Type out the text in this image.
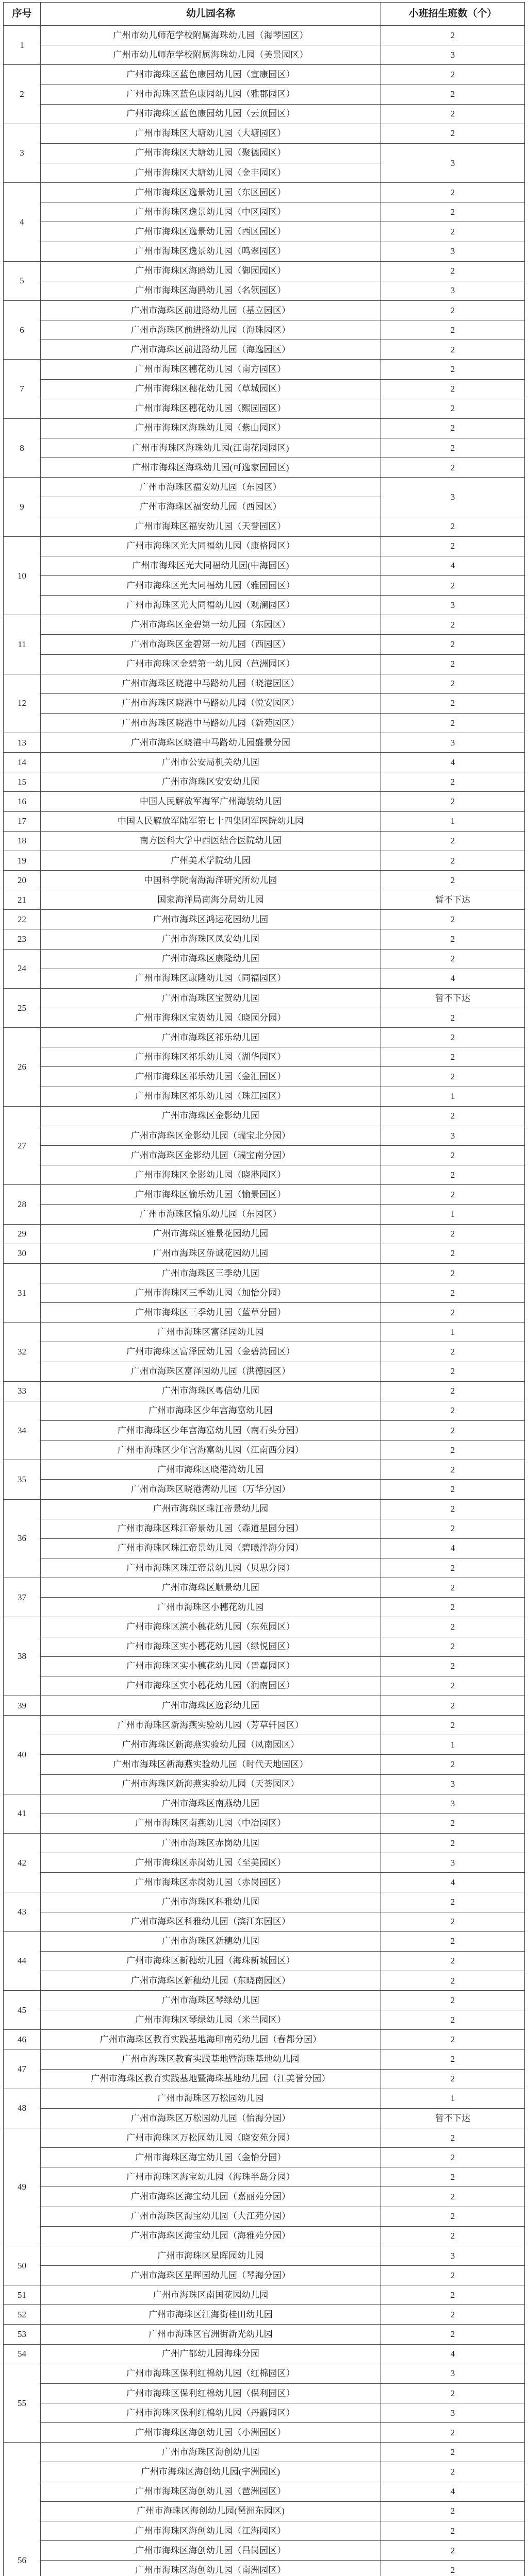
序号	幼儿园名称	小班招生班数（个）
1	广州市幼儿师范学校附属海珠幼儿园（海琴园区）	2
	广州市幼儿师范学校附属海珠幼儿园（美景园区）	3
2	广州市海珠区蓝色康园幼儿园（宣康园区）	2
	广州市海珠区蓝色康园幼儿园（雅郡园区）	2
	广州市海珠区蓝色康园幼儿园（云顶园区）	2
3	广州市海珠区大塘幼儿园（大塘园区）	2
	广州市海珠区大塘幼儿园（聚德园区）	3
	广州市海珠区大塘幼儿园（金丰园区）	
4	广州市海珠区逸景幼儿园（东区园区）	2
	广州市海珠区逸景幼儿园（中区园区）	2
	广州市海珠区逸景幼儿园（西区园区）	2
	广州市海珠区逸景幼儿园（鸣翠园区）	3
5	广州市海珠区海鸥幼儿园（御园园区）	2
	广州市海珠区海鸥幼儿园（名领园区）	3
6	广州市海珠区前进路幼儿园（基立园区）	2
	广州市海珠区前进路幼儿园（海珠园区）	2
	广州市海珠区前进路幼儿园（海逸园区）	2
7	广州市海珠区穗花幼儿园（南方园区）	2
	广州市海珠区穗花幼儿园（草城园区）	2
	广州市海珠区穗花幼儿园（熙园园区）	2
8	广州市海珠区海珠幼儿园（紫山园区）	2
	广州市海珠区海珠幼儿园(江南花园园区)	2
	广州市海珠区海珠幼儿园(可逸家园园区)	2
9	广州市海珠区福安幼儿园（东园区）	3
	广州市海珠区福安幼儿园（西园区）	
	广州市海珠区福安幼儿园（天誉园区）	2
10	广州市海珠区光大同福幼儿园（康格园区）	2
	广州市海珠区光大同福幼儿园(中海园区)	4
	广州市海珠区光大同福幼儿园（雅园园区）	2
	广州市海珠区光大同福幼儿园（观澜园区）	3
11	广州市海珠区金碧第一幼儿园（东园区）	2
	广州市海珠区金碧第一幼儿园（西园区）	2
	广州市海珠区金碧第一幼儿园（芭洲园区）	2
12	广州市海珠区晓港中马路幼儿园（晓港园区）	2
	广州市海珠区晓港中马路幼儿园（悦安园区）	2
	广州市海珠区晓港中马路幼儿园（新苑园区）	2
13	广州市海珠区晓港中马路幼儿园盛景分园	3
14	广州市公安局机关幼儿园	4
15	广州市海珠区安安幼儿园	2
16	中国人民解放军海军广州海装幼儿园	2
17	中国人民解放军陆军第七十四集团军医院幼儿园	1
18	南方医科大学中西医结合医院幼儿园	2
19	广州美术学院幼儿园	2
20	中国科学院南海海洋研究所幼儿园	2
21	国家海洋局南海分局幼儿园	暂不下达
22	广州市海珠区鸿运花园幼儿园	2
23	广州市海珠区凤安幼儿园	2
24	广州市海珠区康隆幼儿园	2
	广州市海珠区康隆幼儿园（同福园区）	4
25	广州市海珠区宝贺幼儿园	暂不下达
	广州市海珠区宝贺幼儿园（晓园分园）	2
26	广州市海珠区祁乐幼儿园	2
	广州市海珠区祁乐幼儿园（湖华园区）	2
	广州市海珠区祁乐幼儿园（金汇园区）	2
	广州市海珠区祁乐幼儿园（珠江园区）	1
27	广州市海珠区金影幼儿园	2
	广州市海珠区金影幼儿园（瑞宝北分园）	3
	广州市海珠区金影幼儿园（瑞宝南分园）	2
	广州市海珠区金影幼儿园（晓港园区）	2
28	广州市海珠区愉乐幼儿园（愉景园区）	2
	广州市海珠区愉乐幼儿园（东园区）	1
29	广州市海珠区雅景花园幼儿园	2
30	广州市海珠区侨诚花园幼儿园	2
31	广州市海珠区三季幼儿园	2
	广州市海珠区三季幼儿园（加怡分园）	2
	广州市海珠区三季幼儿园（蓝草分园）	2
32	广州市海珠区富泽园幼儿园	1
	广州市海珠区富泽园幼儿园（金碧湾园区）	2
	广州市海珠区富泽园幼儿园（洪德园区）	2
33	广州市海珠区粤信幼儿园	2
34	广州市海珠区少年宫海富幼儿园	2
	广州市海珠区少年宫海富幼儿园（南石头分园）	2
	广州市海珠区少年宫海富幼儿园（江南西分园）	2
35	广州市海珠区晓港湾幼儿园	2
	广州市海珠区晓港湾幼儿园（万华分园）	2
36	广州市海珠区珠江帝景幼儿园	2
	广州市海珠区珠江帝景幼儿园（森道星园分园）	2
	广州市海珠区珠江帝景幼儿园（碧曦泮海分园）	4
	广州市海珠区珠江帝景幼儿园（贝思分园）	2
37	广州市海珠区顺景幼儿园	2
	广州市海珠区小穗花幼儿园	2
38	广州市海珠区滨小穗花幼儿园（东苑园区）	2
	广州市海珠区实小穗花幼儿园（绿悦园区）	2
	广州市海珠区实小穗花幼儿园（晋嘉园区）	2
	广州市海珠区实小穗花幼儿园（润南园区）	2
39	广州市海珠区逸彩幼儿园	2
40	广州市海珠区新海燕实验幼儿园（芳草轩园区）	2
	广州市海珠区新海燕实验幼儿园（凤南园区）	1
	广州市海珠区新海燕实验幼儿园（时代天地园区）	2
	广州市海珠区新海燕实验幼儿园（天荟园区）	3
41	广州市海珠区南燕幼儿园	3
	广州市海珠区南燕幼儿园（中冶园区）	2
42	广州市海珠区赤岗幼儿园	2
	广州市海珠区赤岗幼儿园（至美园区）	3
	广州市海珠区赤岗幼儿园（赤岗园区）	4
43	广州市海珠区科雅幼儿园	2
	广州市海珠区科雅幼儿园（滨江东园区）	2
44	广州市海珠区新穗幼儿园	2
	广州市海珠区新穗幼儿园（海珠新城园区）	2
	广州市海珠区新穗幼儿园（东晓南园区）	2
45	广州市海珠区琴绿幼儿园	2
	广州市海珠区琴绿幼儿园（米兰园区）	2
46	广州市海珠区教育实践基地海印南苑幼儿园（春都分园）	2
47	广州市海珠区教育实践基地暨海珠基地幼儿园	2
	广州市海珠区教育实践基地暨海珠基地幼儿园（江美誉分园）	2
48	广州市海珠区万松园幼儿园	1
	广州市海珠区万松园幼儿园（怡海分园）	暂不下达
49	广州市海珠区万松园幼儿园（晓安苑分园）	2
	广州市海珠区海宝幼儿园（金怡分园）	2
	广州市海珠区海宝幼儿园（海珠半岛分园）	2
	广州市海珠区海宝幼儿园（嘉丽苑分园）	2
	广州市海珠区海宝幼儿园（大江苑分园）	2
	广州市海珠区海宝幼儿园（海雅苑分园）	2
50	广州市海珠区星晖园幼儿园	3
	广州市海珠区星晖园幼儿园（琴海分园）	2
51	广州市海珠区南国花园幼儿园	2
52	广州市海珠区江海街桂田幼儿园	2
53	广州市海珠区官洲街新光幼儿园	2
54	广州广都幼儿园海珠分园	4
55	广州市海珠区保利红棉幼儿园（红棉园区）	3
	广州市海珠区保利红棉幼儿园（保利园区）	2
	广州市海珠区保利红棉幼儿园（丹霞园区）	3
	广州市海珠区海创幼儿园（小洲园区）	2
56	广州市海珠区海创幼儿园	2
	广州市海珠区海创幼儿园(宇洲园区)	2
	广州市海珠区海创幼儿园（琶洲园区）	4
	广州市海珠区海创幼儿园(琶洲东园区)	2
	广州市海珠区海创幼儿园（江海园区）	2
	广州市海珠区海创幼儿园（昌岗园区）	2
	广州市海珠区海创幼儿园（南洲园区）	2
